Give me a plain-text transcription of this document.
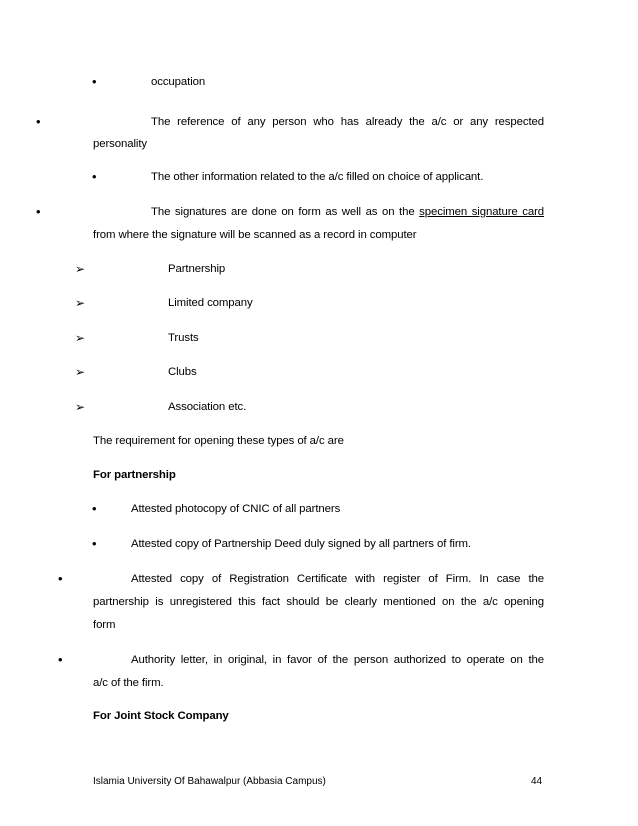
•	occupation
•	The reference of any person who has already the a/c or any respected
personality
•	The other information related to the a/c filled on choice of applicant.
•	The signatures are done on form as well as on the specimen signature card
from where the signature will be scanned as a record in computer
➢	Partnership
➢	Limited company
➢	Trusts
➢	Clubs
➢	Association etc.
The requirement for opening these types of a/c are
For partnership
•	Attested photocopy of CNIC of all partners
•	Attested copy of Partnership Deed duly signed by all partners of firm.
•	Attested copy of Registration Certificate with register of Firm. In case the
partnership is unregistered this fact should be clearly mentioned on the a/c opening
form
•	Authority letter, in original, in favor of the person authorized to operate on the
a/c of the firm.
For Joint Stock Company
Islamia University Of Bahawalpur (Abbasia Campus)	44
